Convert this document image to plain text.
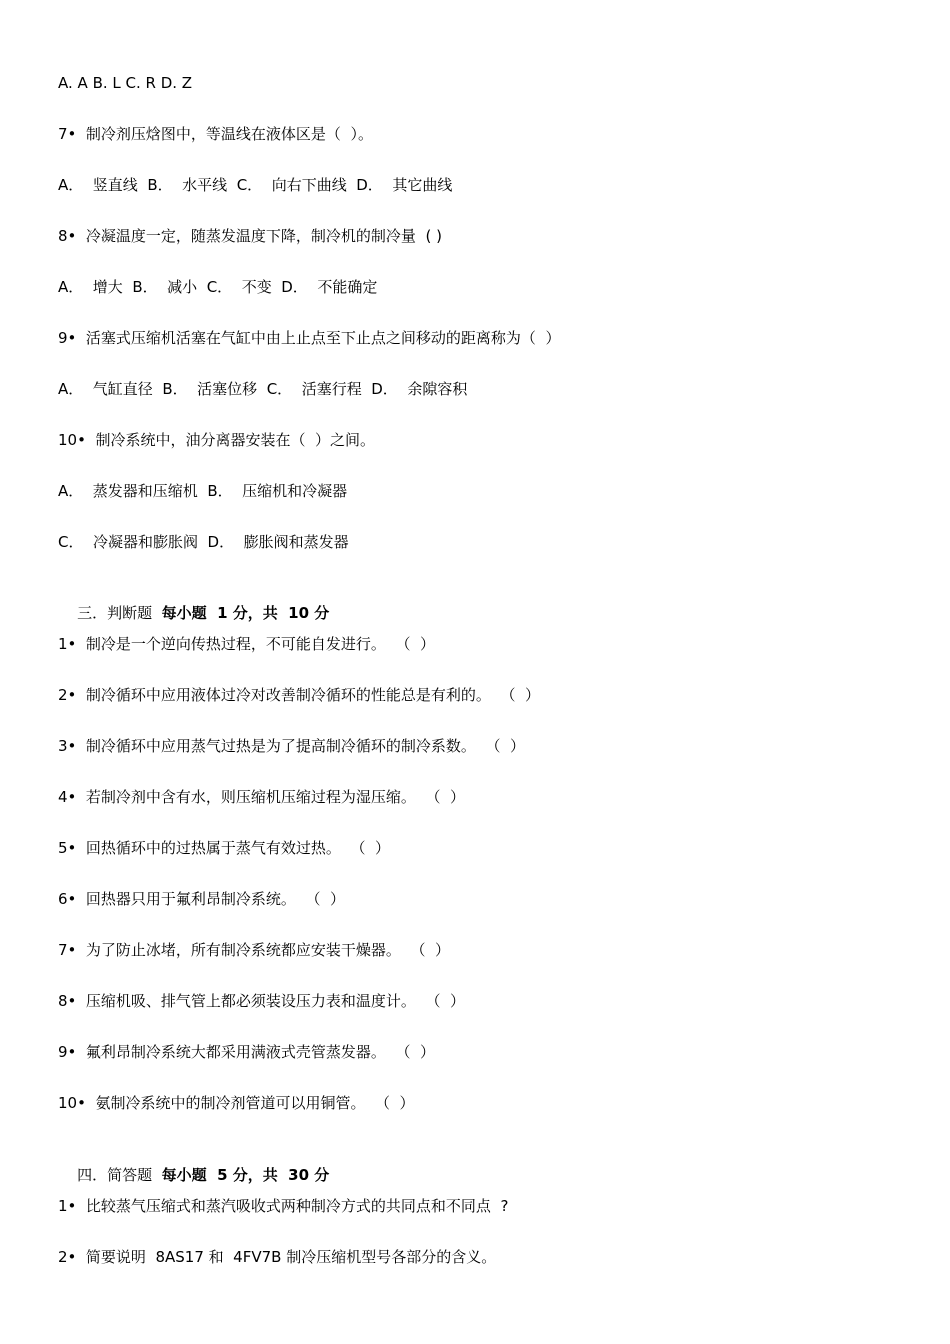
A. A B. L C. R D. Z
7•  制冷剂压焓图中，等温线在液体区是（  ）。
A．  竖直线  B．  水平线  C．  向右下曲线  D．  其它曲线
8•  冷凝温度一定，随蒸发温度下降，制冷机的制冷量  ( )
A．  增大  B．  减小  C．  不变  D．  不能确定
9•  活塞式压缩机活塞在气缸中由上止点至下止点之间移动的距离称为（  ）
A．  气缸直径  B．  活塞位移  C．  活塞行程  D．  余隙容积
10•  制冷系统中，油分离器安装在（  ）之间。
A．  蒸发器和压缩机  B．  压缩机和冷凝器
C．  冷凝器和膨胀阀  D．  膨胀阀和蒸发器

三．判断题  每小题  1 分，共  10 分

1•  制冷是一个逆向传热过程，不可能自发进行。  （  ）
2•  制冷循环中应用液体过冷对改善制冷循环的性能总是有利的。  （  ）
3•  制冷循环中应用蒸气过热是为了提高制冷循环的制冷系数。  （  ）
4•  若制冷剂中含有水，则压缩机压缩过程为湿压缩。  （  ）
5•  回热循环中的过热属于蒸气有效过热。  （  ）
6•  回热器只用于氟利昂制冷系统。  （  ）
7•  为了防止冰堵，所有制冷系统都应安装干燥器。  （  ）
8•  压缩机吸、排气管上都必须装设压力表和温度计。  （  ）
9•  氟利昂制冷系统大都采用满液式壳管蒸发器。  （  ）
10•  氨制冷系统中的制冷剂管道可以用铜管。  （  ）

四．简答题  每小题  5 分，共  30 分

1•  比较蒸气压缩式和蒸汽吸收式两种制冷方式的共同点和不同点  ?
2•  简要说明  8AS17 和  4FV7B 制冷压缩机型号各部分的含义。
